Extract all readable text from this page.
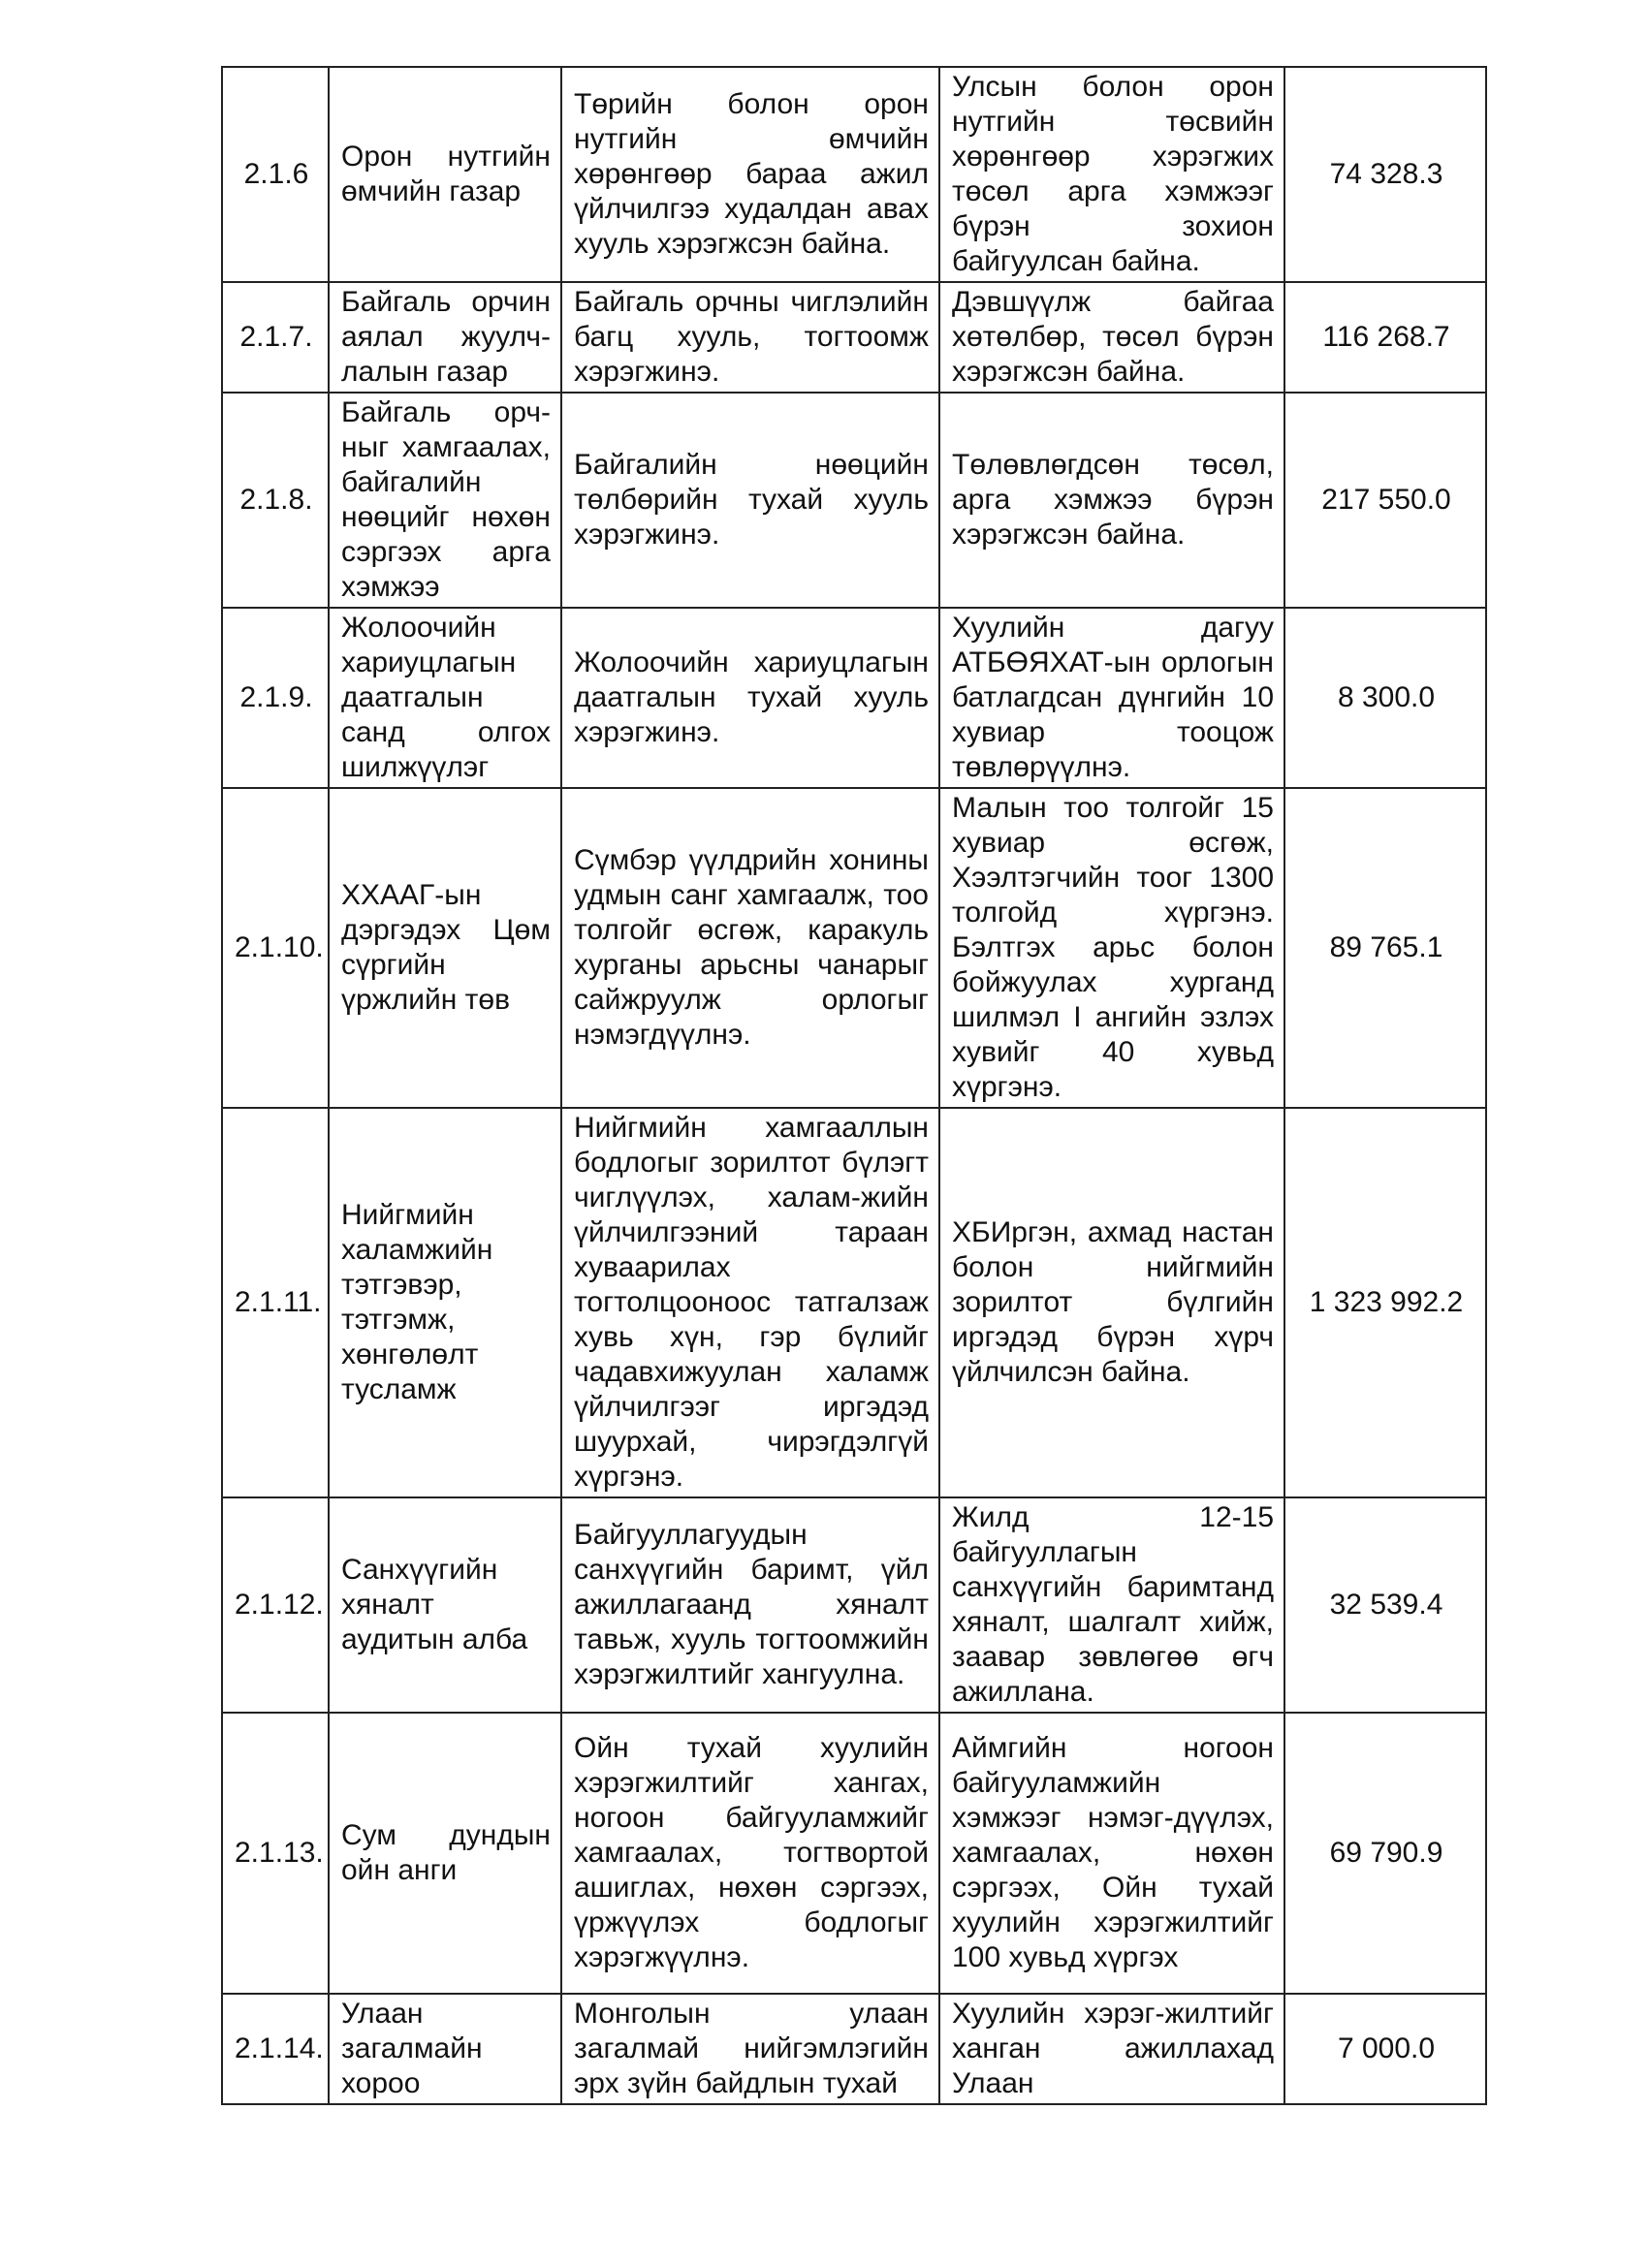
2.1.6	Орон нутгийн өмчийн газар	Төрийн болон орон нутгийн өмчийн хөрөнгөөр бараа ажил үйлчилгээ худалдан авах хууль хэрэгжсэн байна.	Улсын болон орон нутгийн төсвийн хөрөнгөөр хэрэгжих төсөл арга хэмжээг бүрэн зохион байгуулсан байна.	74 328.3
2.1.7.	Байгаль орчин аялал жуулч-лалын газар	Байгаль орчны чиглэлийн багц хууль, тогтоомж хэрэгжинэ.	Дэвшүүлж байгаа хөтөлбөр, төсөл бүрэн хэрэгжсэн байна.	116 268.7
2.1.8.	Байгаль орч-ныг хамгаалах, байгалийн нөөцийг нөхөн сэргээх арга хэмжээ	Байгалийн нөөцийн төлбөрийн тухай хууль хэрэгжинэ.	Төлөвлөгдсөн төсөл, арга хэмжээ бүрэн хэрэгжсэн байна.	217 550.0
2.1.9.	Жолоочийн хариуцлагын даатгалын санд олгох шилжүүлэг	Жолоочийн хариуцлагын даатгалын тухай хууль хэрэгжинэ.	Хуулийн дагуу АТБӨЯХАТ-ын орлогын батлагдсан дүнгийн 10 хувиар тооцож төвлөрүүлнэ.	8 300.0
2.1.10.	ХХААГ-ын дэргэдэх Цөм сүргийн үржлийн төв	Сүмбэр үүлдрийн хонины удмын санг хамгаалж, тоо толгойг өсгөж, каракуль хурганы арьсны чанарыг сайжруулж орлогыг нэмэгдүүлнэ.	Малын тоо толгойг 15 хувиар өсгөж, Хээлтэгчийн тоог 1300 толгойд хүргэнэ. Бэлтгэх арьс болон бойжуулах хурганд шилмэл I ангийн эзлэх хувийг 40 хувьд хүргэнэ.	89 765.1
2.1.11.	Нийгмийн халамжийн тэтгэвэр, тэтгэмж, хөнгөлөлт тусламж	Нийгмийн хамгааллын бодлогыг зорилтот бүлэгт чиглүүлэх, халам-жийн үйлчилгээний тараан хуваарилах тогтолцооноос татгалзаж хувь хүн, гэр бүлийг чадавхижуулан халамж үйлчилгээг иргэдэд шуурхай, чирэгдэлгүй хүргэнэ.	ХБИргэн, ахмад настан болон нийгмийн зорилтот бүлгийн иргэдэд бүрэн хүрч үйлчилсэн байна.	1 323 992.2
2.1.12.	Санхүүгийн хяналт аудитын алба	Байгууллагуудын санхүүгийн баримт, үйл ажиллагаанд хяналт тавьж, хууль тогтоомжийн хэрэгжилтийг хангуулна.	Жилд 12-15 байгууллагын санхүүгийн баримтанд хяналт, шалгалт хийж, заавар зөвлөгөө өгч ажиллана.	32 539.4
2.1.13.	Сум дундын ойн анги	Ойн тухай хуулийн хэрэгжилтийг хангах, ногоон байгууламжийг хамгаалах, тогтвортой ашиглах, нөхөн сэргээх, үржүүлэх бодлогыг хэрэгжүүлнэ.	Аймгийн ногоон байгууламжийн хэмжээг нэмэг-дүүлэх, хамгаалах, нөхөн сэргээх, Ойн тухай хуулийн хэрэгжилтийг 100 хувьд хүргэх	69 790.9
2.1.14.	Улаан загалмайн хороо	Монголын улаан загалмай нийгэмлэгийн эрх зүйн байдлын тухай	Хуулийн хэрэг-жилтийг ханган ажиллахад Улаан	7 000.0
